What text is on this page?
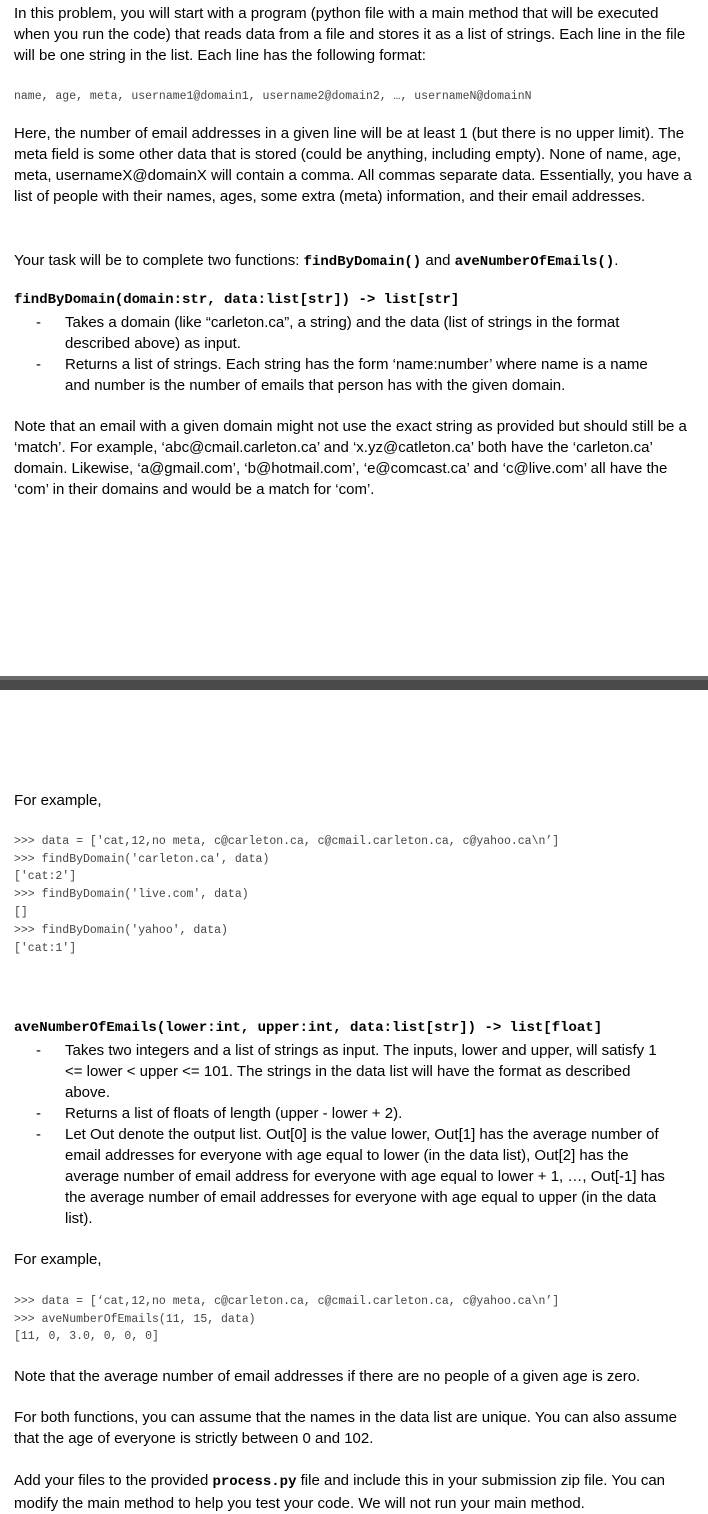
In this problem, you will start with a program (python file with a main method that will be executed when you run the code) that reads data from a file and stores it as a list of strings. Each line in the file will be one string in the list. Each line has the following format:
name, age, meta, username1@domain1, username2@domain2, …, usernameN@domainN
Here, the number of email addresses in a given line will be at least 1 (but there is no upper limit). The meta field is some other data that is stored (could be anything, including empty). None of name, age, meta, usernameX@domainX will contain a comma. All commas separate data. Essentially, you have a list of people with their names, ages, some extra (meta) information, and their email addresses.
Your task will be to complete two functions: findByDomain() and aveNumberOfEmails().
findByDomain(domain:str, data:list[str]) -> list[str]
- Takes a domain (like “carleton.ca”, a string) and the data (list of strings in the format described above) as input.
- Returns a list of strings. Each string has the form ‘name:number’ where name is a name and number is the number of emails that person has with the given domain.
Note that an email with a given domain might not use the exact string as provided but should still be a ‘match’. For example, ‘abc@cmail.carleton.ca’ and ‘x.yz@catleton.ca’ both have the ‘carleton.ca’ domain. Likewise, ‘a@gmail.com’, ‘b@hotmail.com’, ‘e@comcast.ca’ and ‘c@live.com’ all have the ‘com’ in their domains and would be a match for ‘com’.
For example,
>>> data = ['cat,12,no meta, c@carleton.ca, c@cmail.carleton.ca, c@yahoo.ca\n’]
>>> findByDomain('carleton.ca', data)
['cat:2']
>>> findByDomain('live.com', data)
[]
>>> findByDomain('yahoo', data)
['cat:1']
aveNumberOfEmails(lower:int, upper:int, data:list[str]) -> list[float]
- Takes two integers and a list of strings as input. The inputs, lower and upper, will satisfy 1 <= lower < upper <= 101. The strings in the data list will have the format as described above.
- Returns a list of floats of length (upper - lower + 2).
- Let Out denote the output list. Out[0] is the value lower, Out[1] has the average number of email addresses for everyone with age equal to lower (in the data list), Out[2] has the average number of email address for everyone with age equal to lower + 1, …, Out[-1] has the average number of email addresses for everyone with age equal to upper (in the data list).
For example,
>>> data = [‘cat,12,no meta, c@carleton.ca, c@cmail.carleton.ca, c@yahoo.ca\n’]
>>> aveNumberOfEmails(11, 15, data)
[11, 0, 3.0, 0, 0, 0]
Note that the average number of email addresses if there are no people of a given age is zero.
For both functions, you can assume that the names in the data list are unique. You can also assume that the age of everyone is strictly between 0 and 102.
Add your files to the provided process.py file and include this in your submission zip file. You can modify the main method to help you test your code. We will not run your main method.
